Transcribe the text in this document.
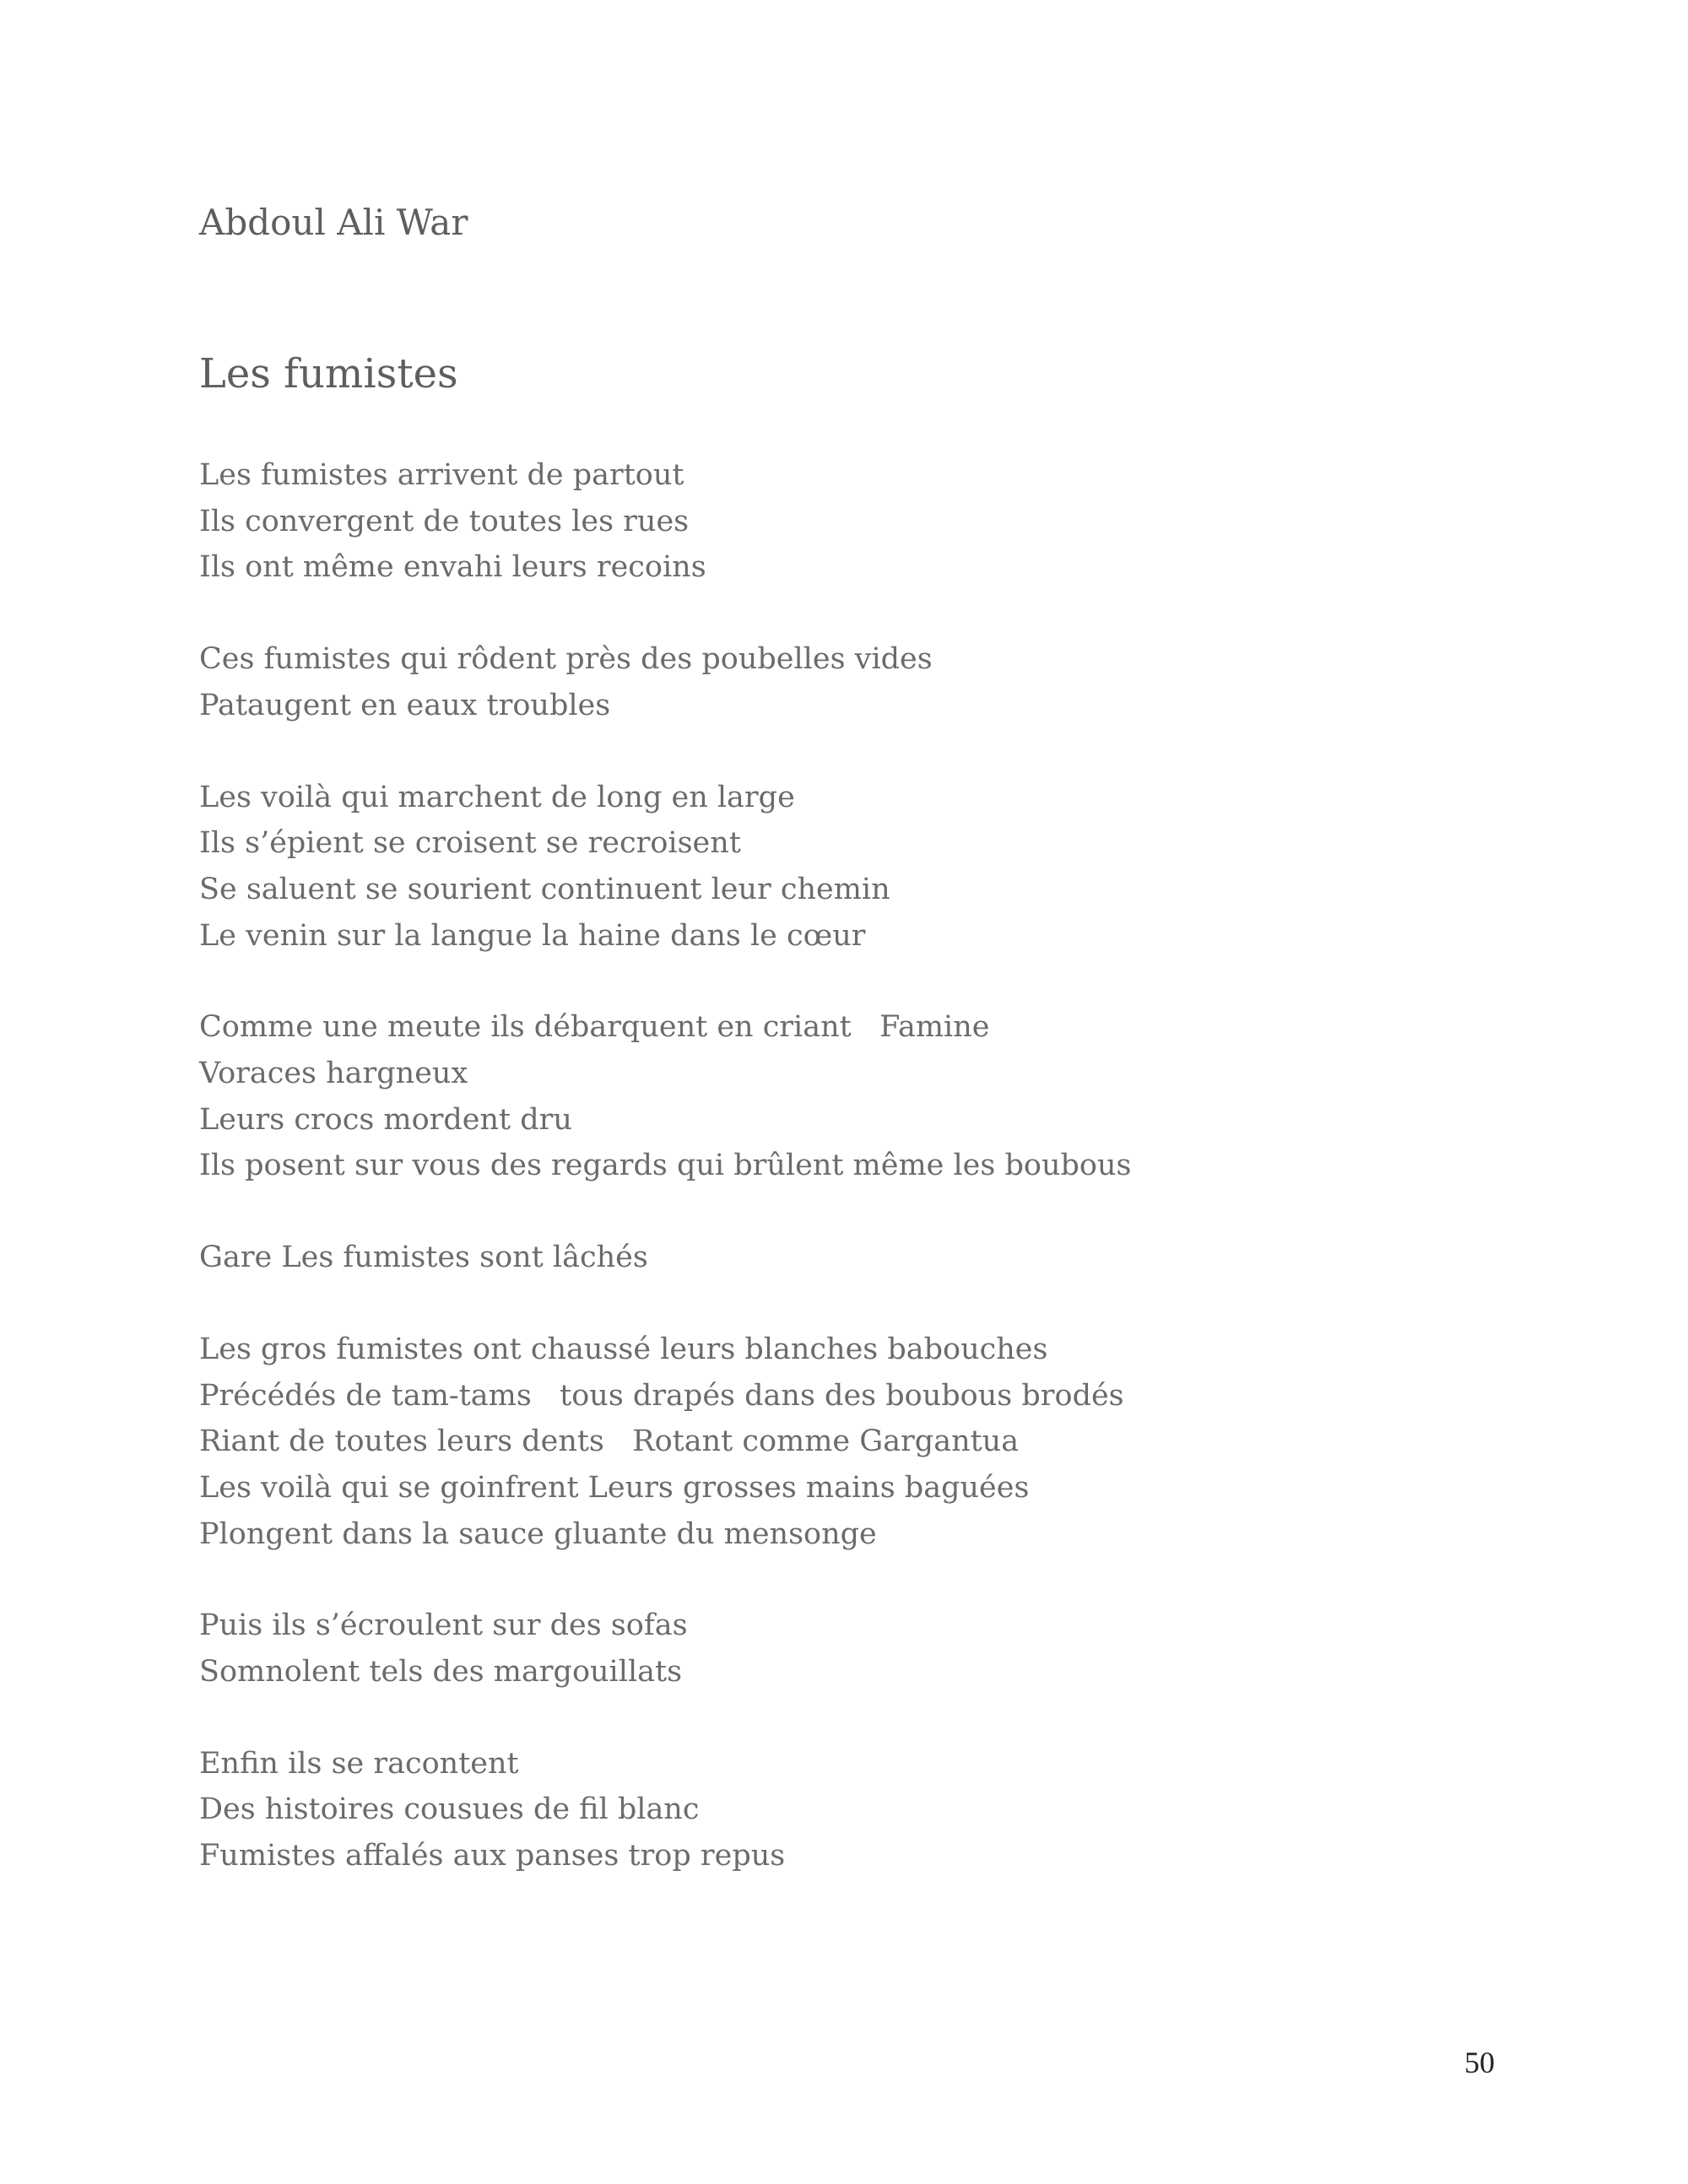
Abdoul Ali War
Les fumistes
Les fumistes arrivent de partout
Ils convergent de toutes les rues
Ils ont même envahi leurs recoins
Ces fumistes qui rôdent près des poubelles vides
Pataugent en eaux troubles
Les voilà qui marchent de long en large
Ils s’épient se croisent se recroisent
Se saluent se sourient continuent leur chemin
Le venin sur la langue la haine dans le cœur
Comme une meute ils débarquent en criant   Famine
Voraces hargneux
Leurs crocs mordent dru
Ils posent sur vous des regards qui brûlent même les boubous
Gare Les fumistes sont lâchés
Les gros fumistes ont chaussé leurs blanches babouches
Précédés de tam-tams   tous drapés dans des boubous brodés
Riant de toutes leurs dents   Rotant comme Gargantua
Les voilà qui se goinfrent Leurs grosses mains baguées
Plongent dans la sauce gluante du mensonge
Puis ils s’écroulent sur des sofas
Somnolent tels des margouillats
Enfin ils se racontent
Des histoires cousues de fil blanc
Fumistes affalés aux panses trop repus
50
